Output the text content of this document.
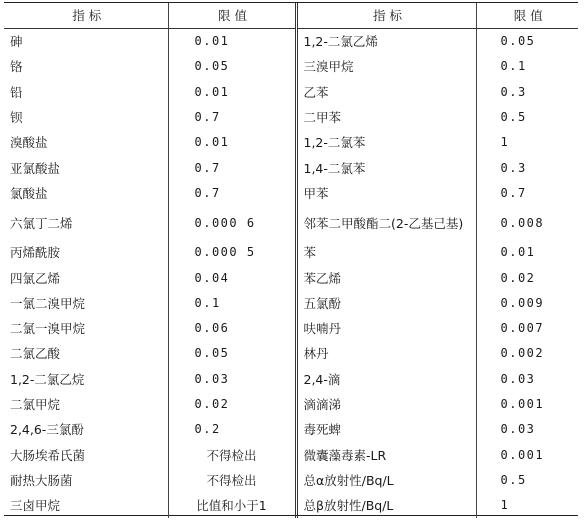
指标	限值	指标	限值
砷	0.01	1,2-二氯乙烯	0.05
铬	0.05	三溴甲烷	0.1
铅	0.01	乙苯	0.3
钡	0.7	二甲苯	0.5
溴酸盐	0.01	1,2-二氯苯	1
亚氯酸盐	0.7	1,4-二氯苯	0.3
氯酸盐	0.7	甲苯	0.7
六氯丁二烯	0.000 6	邻苯二甲酸酯二(2-乙基己基)	0.008
丙烯酰胺	0.000 5	苯	0.01
四氯乙烯	0.04	苯乙烯	0.02
一氯二溴甲烷	0.1	五氯酚	0.009
二氯一溴甲烷	0.06	呋喃丹	0.007
二氯乙酸	0.05	林丹	0.002
1,2-二氯乙烷	0.03	2,4-滴	0.03
二氯甲烷	0.02	滴滴涕	0.001
2,4,6-三氯酚	0.2	毒死蜱	0.03
大肠埃希氏菌	不得检出	微囊藻毒素-LR	0.001
耐热大肠菌	不得检出	总α放射性/Bq/L	0.5
三卤甲烷	比值和小于1	总β放射性/Bq/L	1
